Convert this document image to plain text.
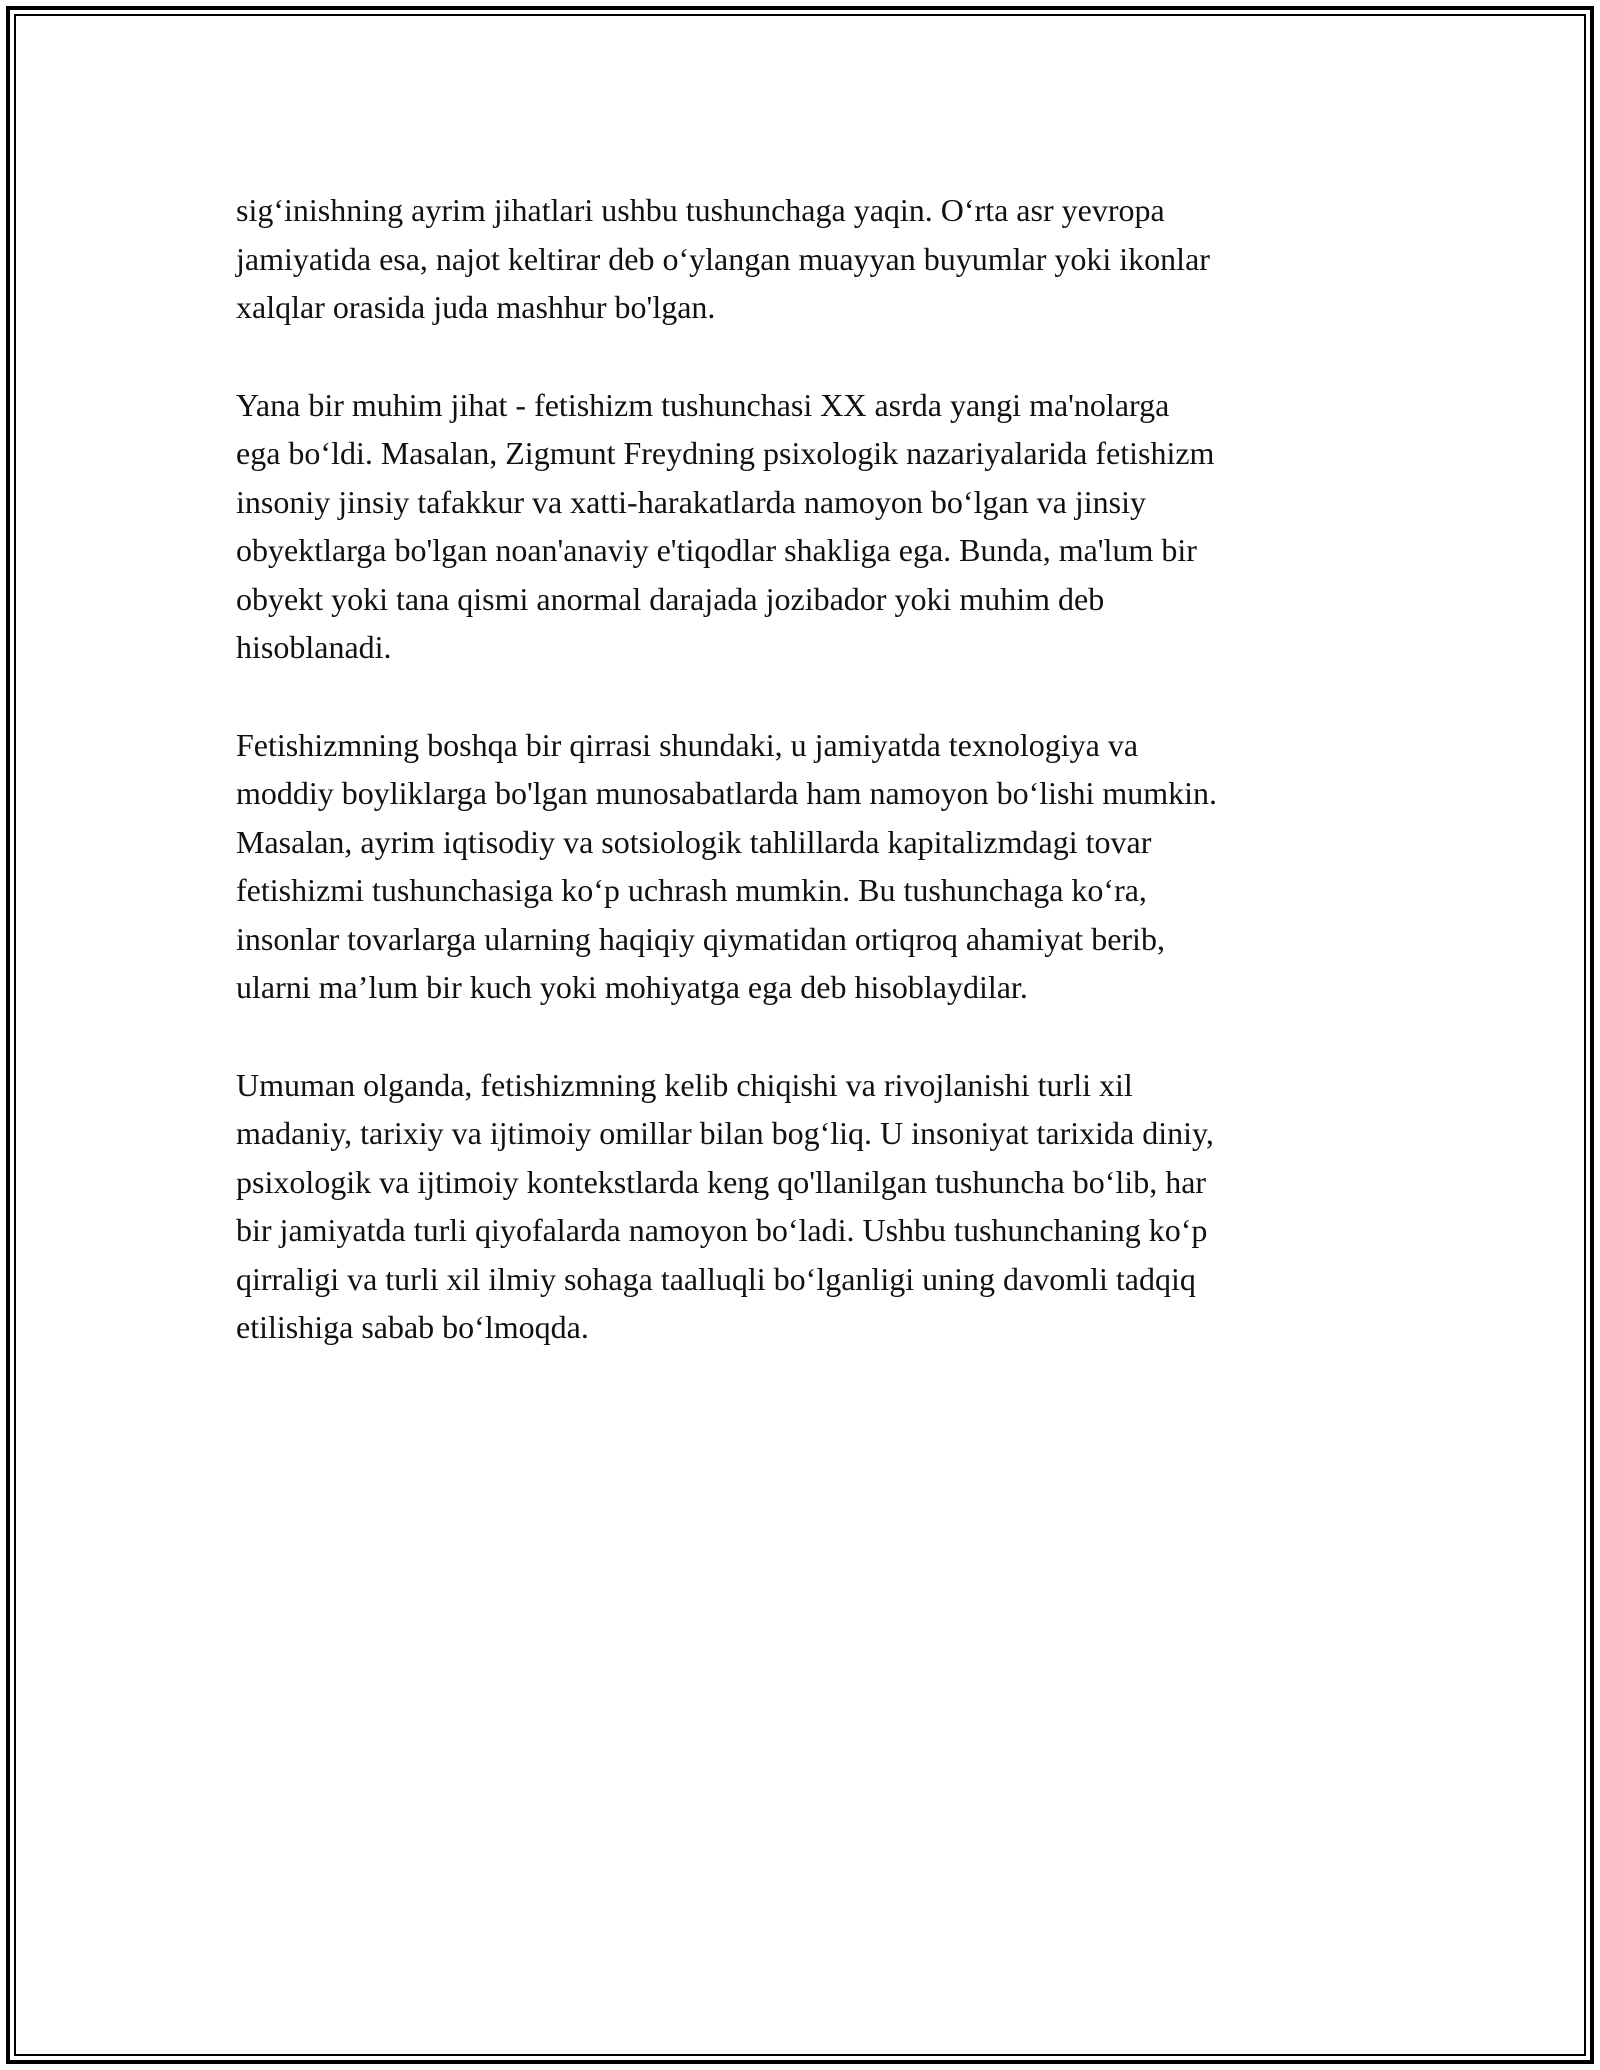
sig‘inishning ayrim jihatlari ushbu tushunchaga yaqin. O‘rta asr yevropa
jamiyatida esa, najot keltirar deb o‘ylangan muayyan buyumlar yoki ikonlar
xalqlar orasida juda mashhur bo'lgan.

Yana bir muhim jihat - fetishizm tushunchasi XX asrda yangi ma'nolarga
ega bo‘ldi. Masalan, Zigmunt Freydning psixologik nazariyalarida fetishizm
insoniy jinsiy tafakkur va xatti-harakatlarda namoyon bo‘lgan va jinsiy
obyektlarga bo'lgan noan'anaviy e'tiqodlar shakliga ega. Bunda, ma'lum bir
obyekt yoki tana qismi anormal darajada jozibador yoki muhim deb
hisoblanadi.

Fetishizmning boshqa bir qirrasi shundaki, u jamiyatda texnologiya va
moddiy boyliklarga bo'lgan munosabatlarda ham namoyon bo‘lishi mumkin.
Masalan, ayrim iqtisodiy va sotsiologik tahlillarda kapitalizmdagi tovar
fetishizmi tushunchasiga ko‘p uchrash mumkin. Bu tushunchaga ko‘ra,
insonlar tovarlarga ularning haqiqiy qiymatidan ortiqroq ahamiyat berib,
ularni ma’lum bir kuch yoki mohiyatga ega deb hisoblaydilar.

Umuman olganda, fetishizmning kelib chiqishi va rivojlanishi turli xil
madaniy, tarixiy va ijtimoiy omillar bilan bog‘liq. U insoniyat tarixida diniy,
psixologik va ijtimoiy kontekstlarda keng qo'llanilgan tushuncha bo‘lib, har
bir jamiyatda turli qiyofalarda namoyon bo‘ladi. Ushbu tushunchaning ko‘p
qirraligi va turli xil ilmiy sohaga taalluqli bo‘lganligi uning davomli tadqiq
etilishiga sabab bo‘lmoqda.
